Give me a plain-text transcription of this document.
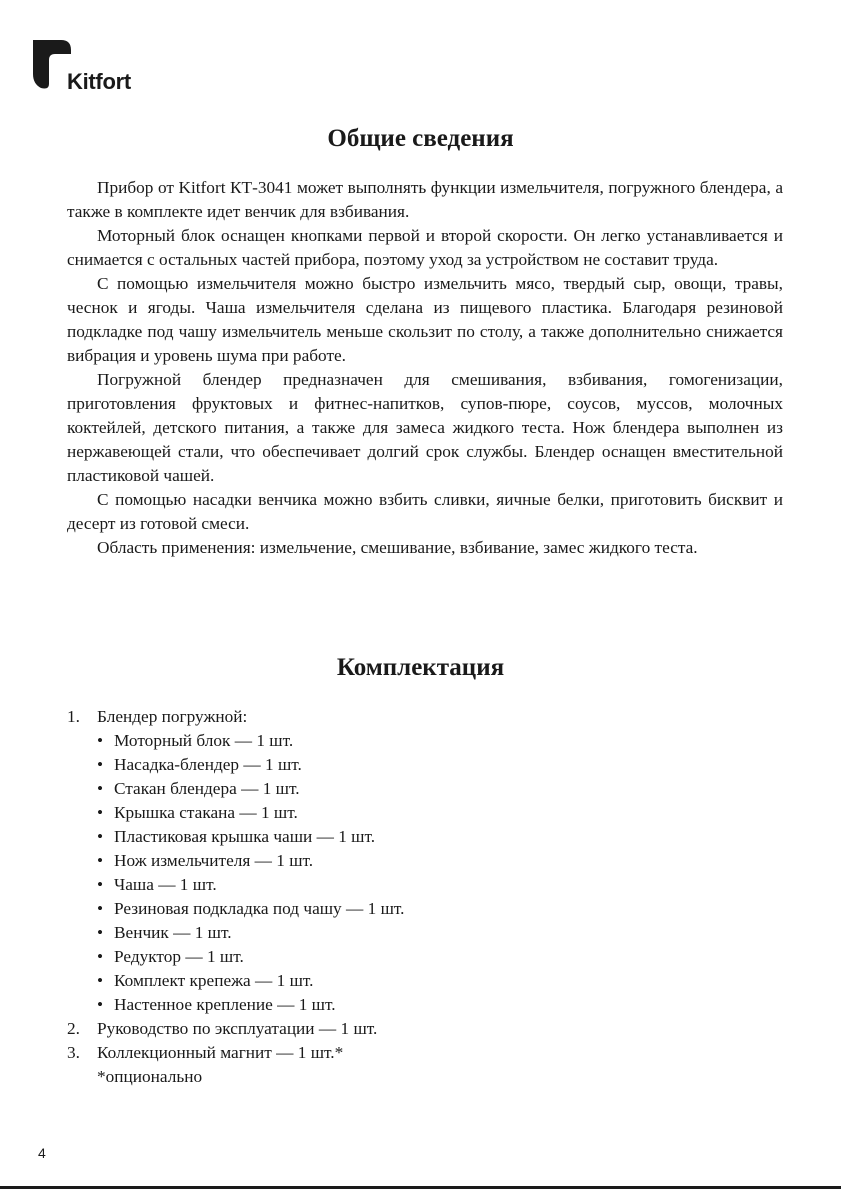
Kitfort
Общие сведения

Прибор от Kitfort КТ-3041 может выполнять функции измельчителя, погружного блендера, а также в комплекте идет венчик для взбивания.

Моторный блок оснащен кнопками первой и второй скорости. Он легко устанавливается и снимается с остальных частей прибора, поэтому уход за устройством не составит труда.

С помощью измельчителя можно быстро измельчить мясо, твердый сыр, овощи, травы, чеснок и ягоды. Чаша измельчителя сделана из пищевого пластика. Благодаря резиновой подкладке под чашу измельчитель меньше скользит по столу, а также дополнительно снижается вибрация и уровень шума при работе.

Погружной блендер предназначен для смешивания, взбивания, гомогенизации, приготовления фруктовых и фитнес-напитков, супов-пюре, соусов, муссов, молочных коктейлей, детского питания, а также для замеса жидкого теста. Нож блендера выполнен из нержавеющей стали, что обеспечивает долгий срок службы. Блендер оснащен вместительной пластиковой чашей.

С помощью насадки венчика можно взбить сливки, яичные белки, приготовить бисквит и десерт из готовой смеси.

Область применения: измельчение, смешивание, взбивание, замес жидкого теста.

Комплектация
1. Блендер погружной:
• Моторный блок — 1 шт.
• Насадка-блендер — 1 шт.
• Стакан блендера — 1 шт.
• Крышка стакана — 1 шт.
• Пластиковая крышка чаши — 1 шт.
• Нож измельчителя — 1 шт.
• Чаша — 1 шт.
• Резиновая подкладка под чашу — 1 шт.
• Венчик — 1 шт.
• Редуктор — 1 шт.
• Комплект крепежа — 1 шт.
• Настенное крепление — 1 шт.
2. Руководство по эксплуатации — 1 шт.
3. Коллекционный магнит — 1 шт.*
*опционально
4
